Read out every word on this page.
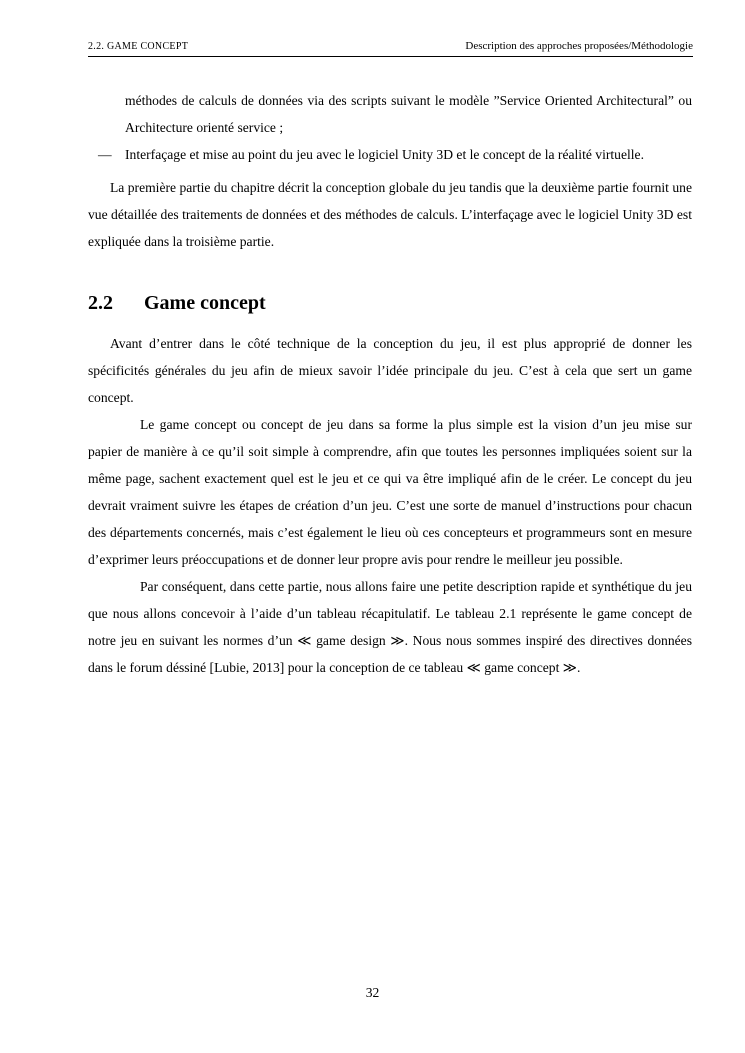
2.2. GAME CONCEPT	Description des approches proposées/Méthodologie

méthodes de calculs de données via des scripts suivant le modèle ”Service Oriented Architectural” ou Architecture orienté service ;

— Interfaçage et mise au point du jeu avec le logiciel Unity 3D et le concept de la réalité virtuelle.

La première partie du chapitre décrit la conception globale du jeu tandis que la deuxième partie fournit une vue détaillée des traitements de données et des méthodes de calculs. L’interfaçage avec le logiciel Unity 3D est expliquée dans la troisième partie.

2.2 Game concept

Avant d’entrer dans le côté technique de la conception du jeu, il est plus approprié de donner les spécificités générales du jeu afin de mieux savoir l’idée principale du jeu. C’est à cela que sert un game concept.

Le game concept ou concept de jeu dans sa forme la plus simple est la vision d’un jeu mise sur papier de manière à ce qu’il soit simple à comprendre, afin que toutes les personnes impliquées soient sur la même page, sachent exactement quel est le jeu et ce qui va être impliqué afin de le créer. Le concept du jeu devrait vraiment suivre les étapes de création d’un jeu. C’est une sorte de manuel d’instructions pour chacun des départements concernés, mais c’est également le lieu où ces concepteurs et programmeurs sont en mesure d’exprimer leurs préoccupations et de donner leur propre avis pour rendre le meilleur jeu possible.

Par conséquent, dans cette partie, nous allons faire une petite description rapide et synthétique du jeu que nous allons concevoir à l’aide d’un tableau récapitulatif. Le tableau 2.1 représente le game concept de notre jeu en suivant les normes d’un ≪ game design ≫. Nous nous sommes inspiré des directives données dans le forum déssiné [Lubie, 2013] pour la conception de ce tableau ≪ game concept ≫.

32
